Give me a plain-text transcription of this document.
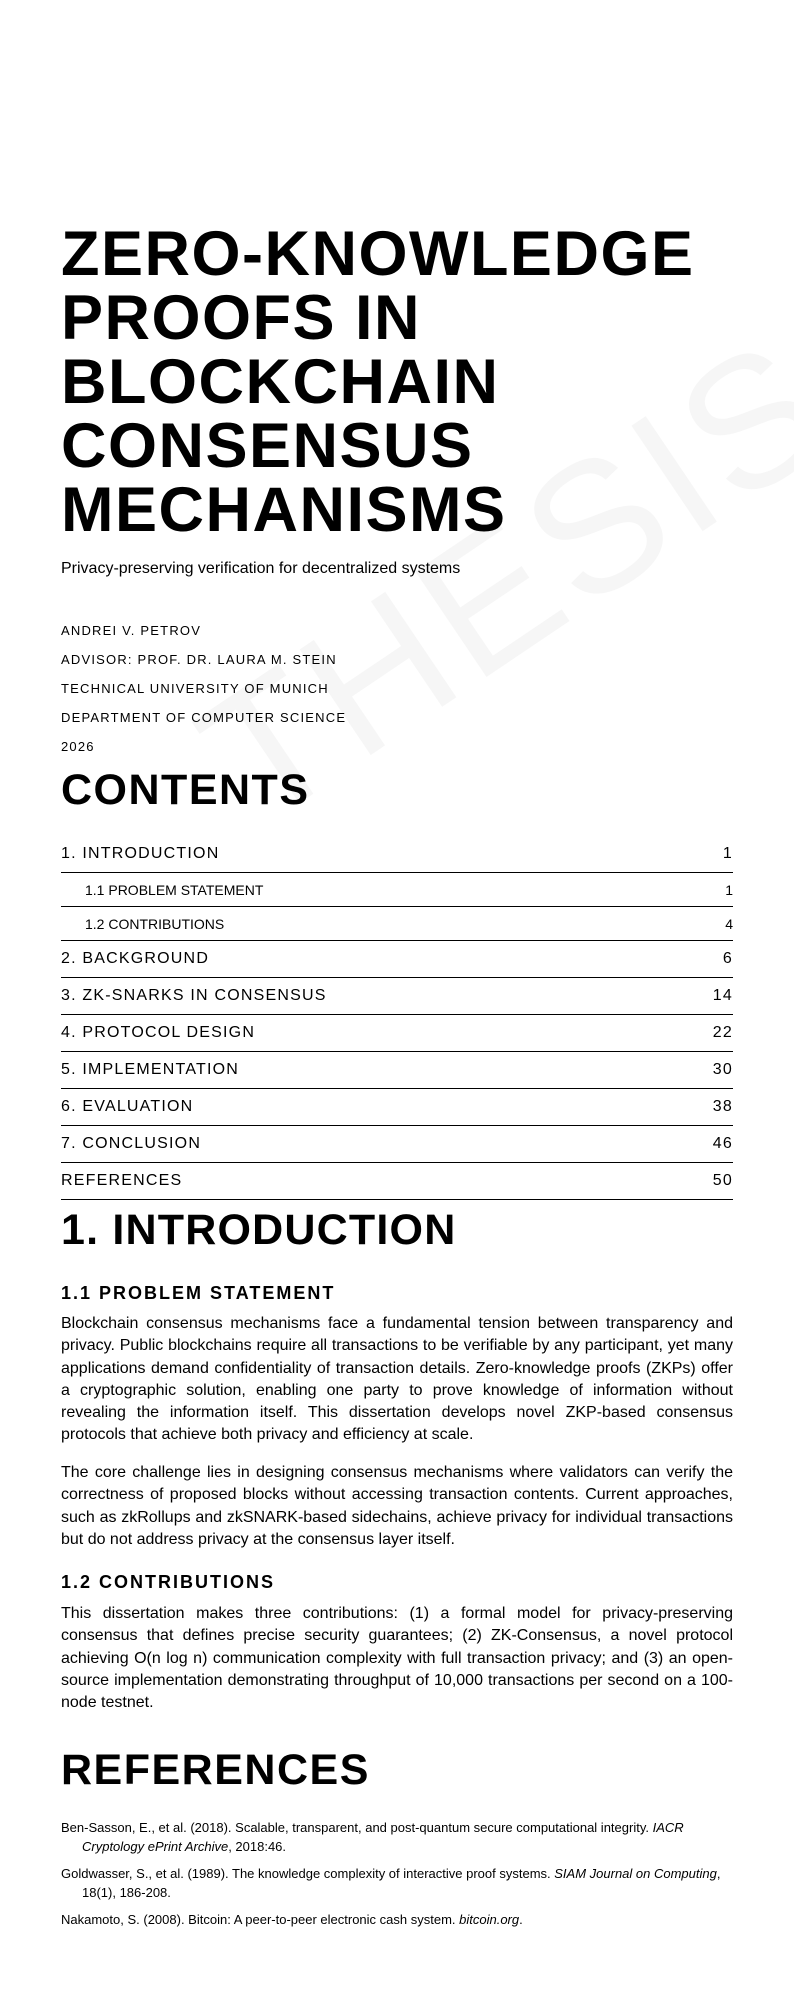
ZERO-KNOWLEDGE
PROOFS IN
BLOCKCHAIN
CONSENSUS
MECHANISMS

Privacy-preserving verification for decentralized systems

ANDREI V. PETROV

ADVISOR: PROF. DR. LAURA M. STEIN

TECHNICAL UNIVERSITY OF MUNICH

DEPARTMENT OF COMPUTER SCIENCE

2026

CONTENTS
1. INTRODUCTION	1
1.1 PROBLEM STATEMENT	1
1.2 CONTRIBUTIONS	4
2. BACKGROUND	6
3. ZK-SNARKS IN CONSENSUS	14
4. PROTOCOL DESIGN	22
5. IMPLEMENTATION	30
6. EVALUATION	38
7. CONCLUSION	46
REFERENCES	50
1. INTRODUCTION
1.1 PROBLEM STATEMENT

Blockchain consensus mechanisms face a fundamental tension between transparency and privacy. Public blockchains require all transactions to be verifiable by any participant, yet many applications demand confidentiality of transaction details. Zero-knowledge proofs (ZKPs) offer a cryptographic solution, enabling one party to prove knowledge of information without revealing the information itself. This dissertation develops novel ZKP-based consensus protocols that achieve both privacy and efficiency at scale.

The core challenge lies in designing consensus mechanisms where validators can verify the correctness of proposed blocks without accessing transaction contents. Current approaches, such as zkRollups and zkSNARK-based sidechains, achieve privacy for individual transactions but do not address privacy at the consensus layer itself.

1.2 CONTRIBUTIONS

This dissertation makes three contributions: (1) a formal model for privacy-preserving consensus that defines precise security guarantees; (2) ZK-Consensus, a novel protocol achieving O(n log n) communication complexity with full transaction privacy; and (3) an open-source implementation demonstrating throughput of 10,000 transactions per second on a 100-node testnet.

REFERENCES

Ben-Sasson, E., et al. (2018). Scalable, transparent, and post-quantum secure computational integrity. IACR Cryptology ePrint Archive, 2018:46.

Goldwasser, S., et al. (1989). The knowledge complexity of interactive proof systems. SIAM Journal on Computing, 18(1), 186-208.

Nakamoto, S. (2008). Bitcoin: A peer-to-peer electronic cash system. bitcoin.org.
